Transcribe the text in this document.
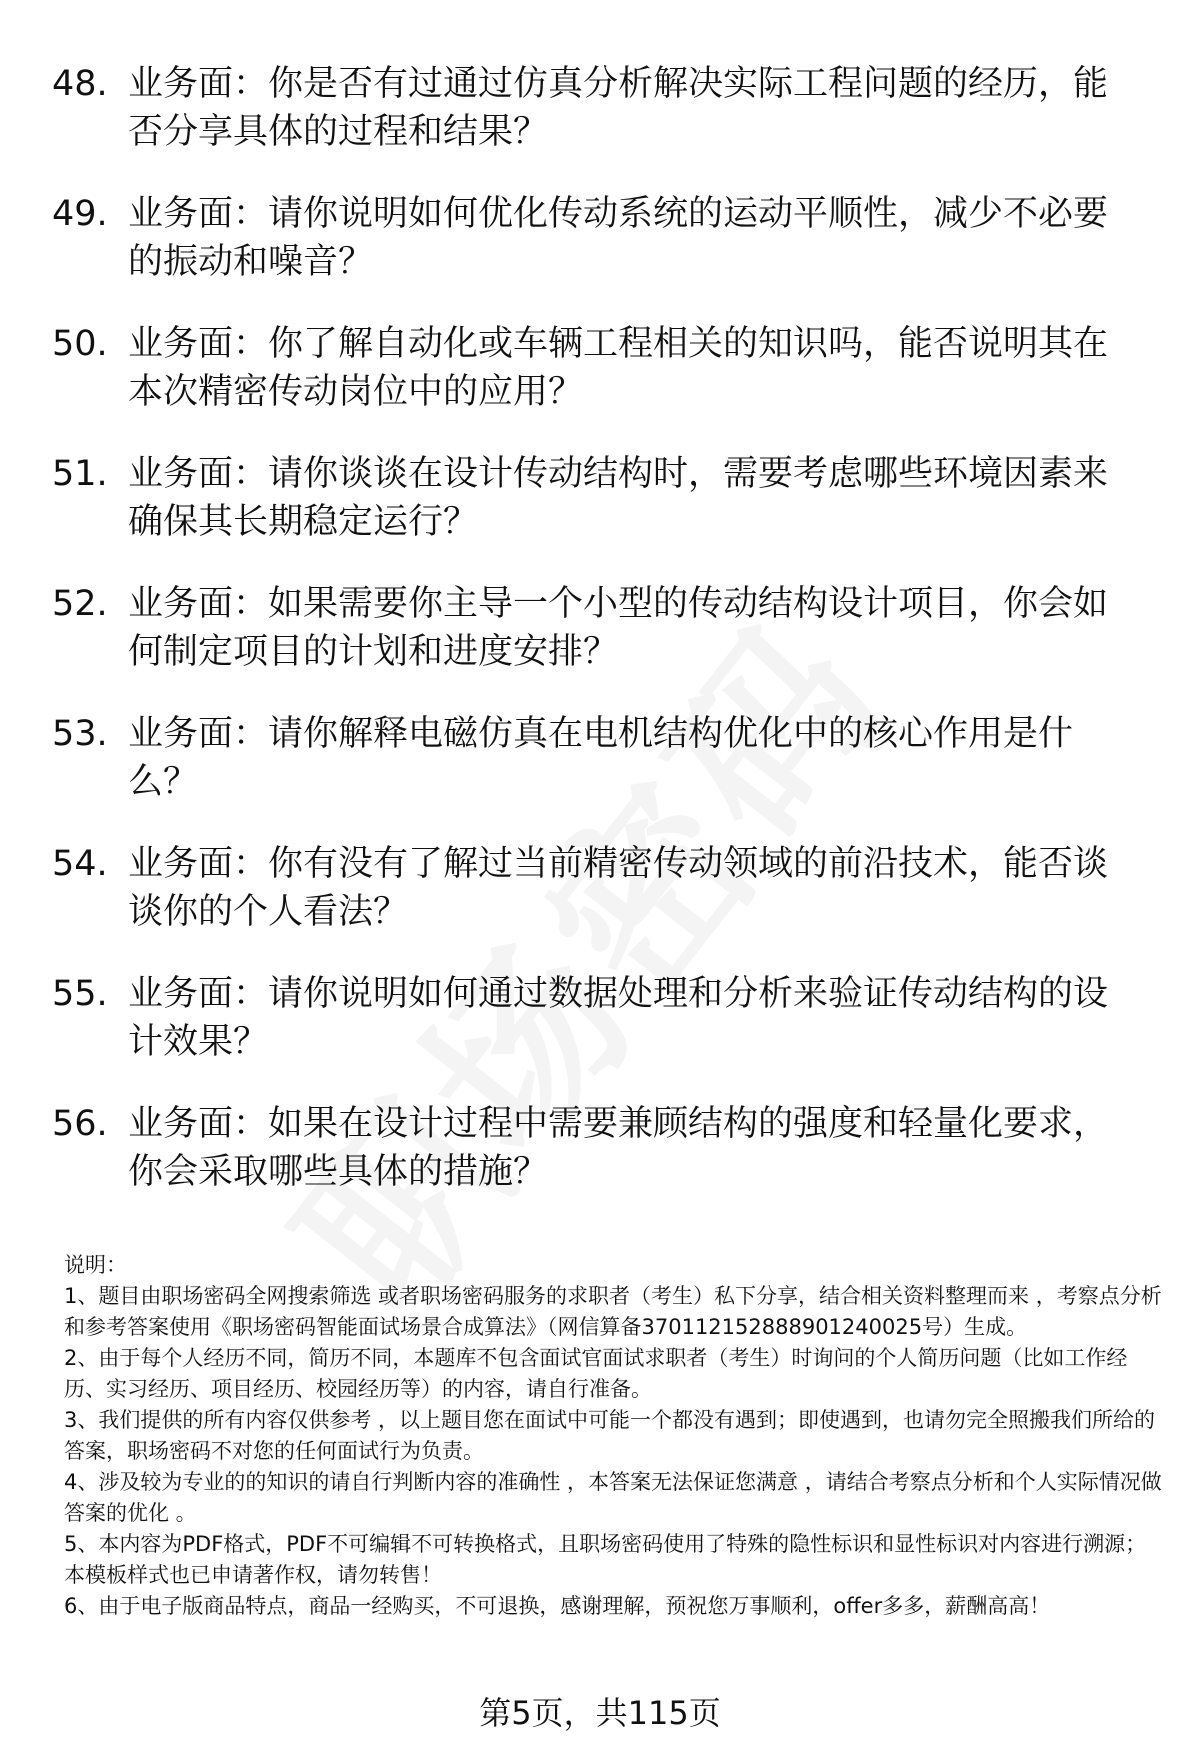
48. 业务面：你是否有过通过仿真分析解决实际工程问题的经历，能否分享具体的过程和结果？
49. 业务面：请你说明如何优化传动系统的运动平顺性，减少不必要的振动和噪音？
50. 业务面：你了解自动化或车辆工程相关的知识吗，能否说明其在本次精密传动岗位中的应用？
51. 业务面：请你谈谈在设计传动结构时，需要考虑哪些环境因素来确保其长期稳定运行？
52. 业务面：如果需要你主导一个小型的传动结构设计项目，你会如何制定项目的计划和进度安排？
53. 业务面：请你解释电磁仿真在电机结构优化中的核心作用是什么？
54. 业务面：你有没有了解过当前精密传动领域的前沿技术，能否谈谈你的个人看法？
55. 业务面：请你说明如何通过数据处理和分析来验证传动结构的设计效果？
56. 业务面：如果在设计过程中需要兼顾结构的强度和轻量化要求，你会采取哪些具体的措施？

说明：

1、题目由职场密码全网搜索筛选 或者职场密码服务的求职者（考生）私下分享，结合相关资料整理而来 ，考察点分析和参考答案使用《职场密码智能面试场景合成算法》（网信算备370112152888901240025号）生成。

2、由于每个人经历不同，简历不同，本题库不包含面试官面试求职者（考生）时询问的个人简历问题（比如工作经历、实习经历、项目经历、校园经历等）的内容，请自行准备。

3、我们提供的所有内容仅供参考 ，以上题目您在面试中可能一个都没有遇到；即使遇到，也请勿完全照搬我们所给的答案，职场密码不对您的任何面试行为负责。

4、涉及较为专业的的知识的请自行判断内容的准确性 ，本答案无法保证您满意 ，请结合考察点分析和个人实际情况做答案的优化 。

5、本内容为PDF格式，PDF不可编辑不可转换格式，且职场密码使用了特殊的隐性标识和显性标识对内容进行溯源；本模板样式也已申请著作权，请勿转售！

6、由于电子版商品特点，商品一经购买，不可退换，感谢理解，预祝您万事顺利，offer多多，薪酬高高！

第5页，共115页
